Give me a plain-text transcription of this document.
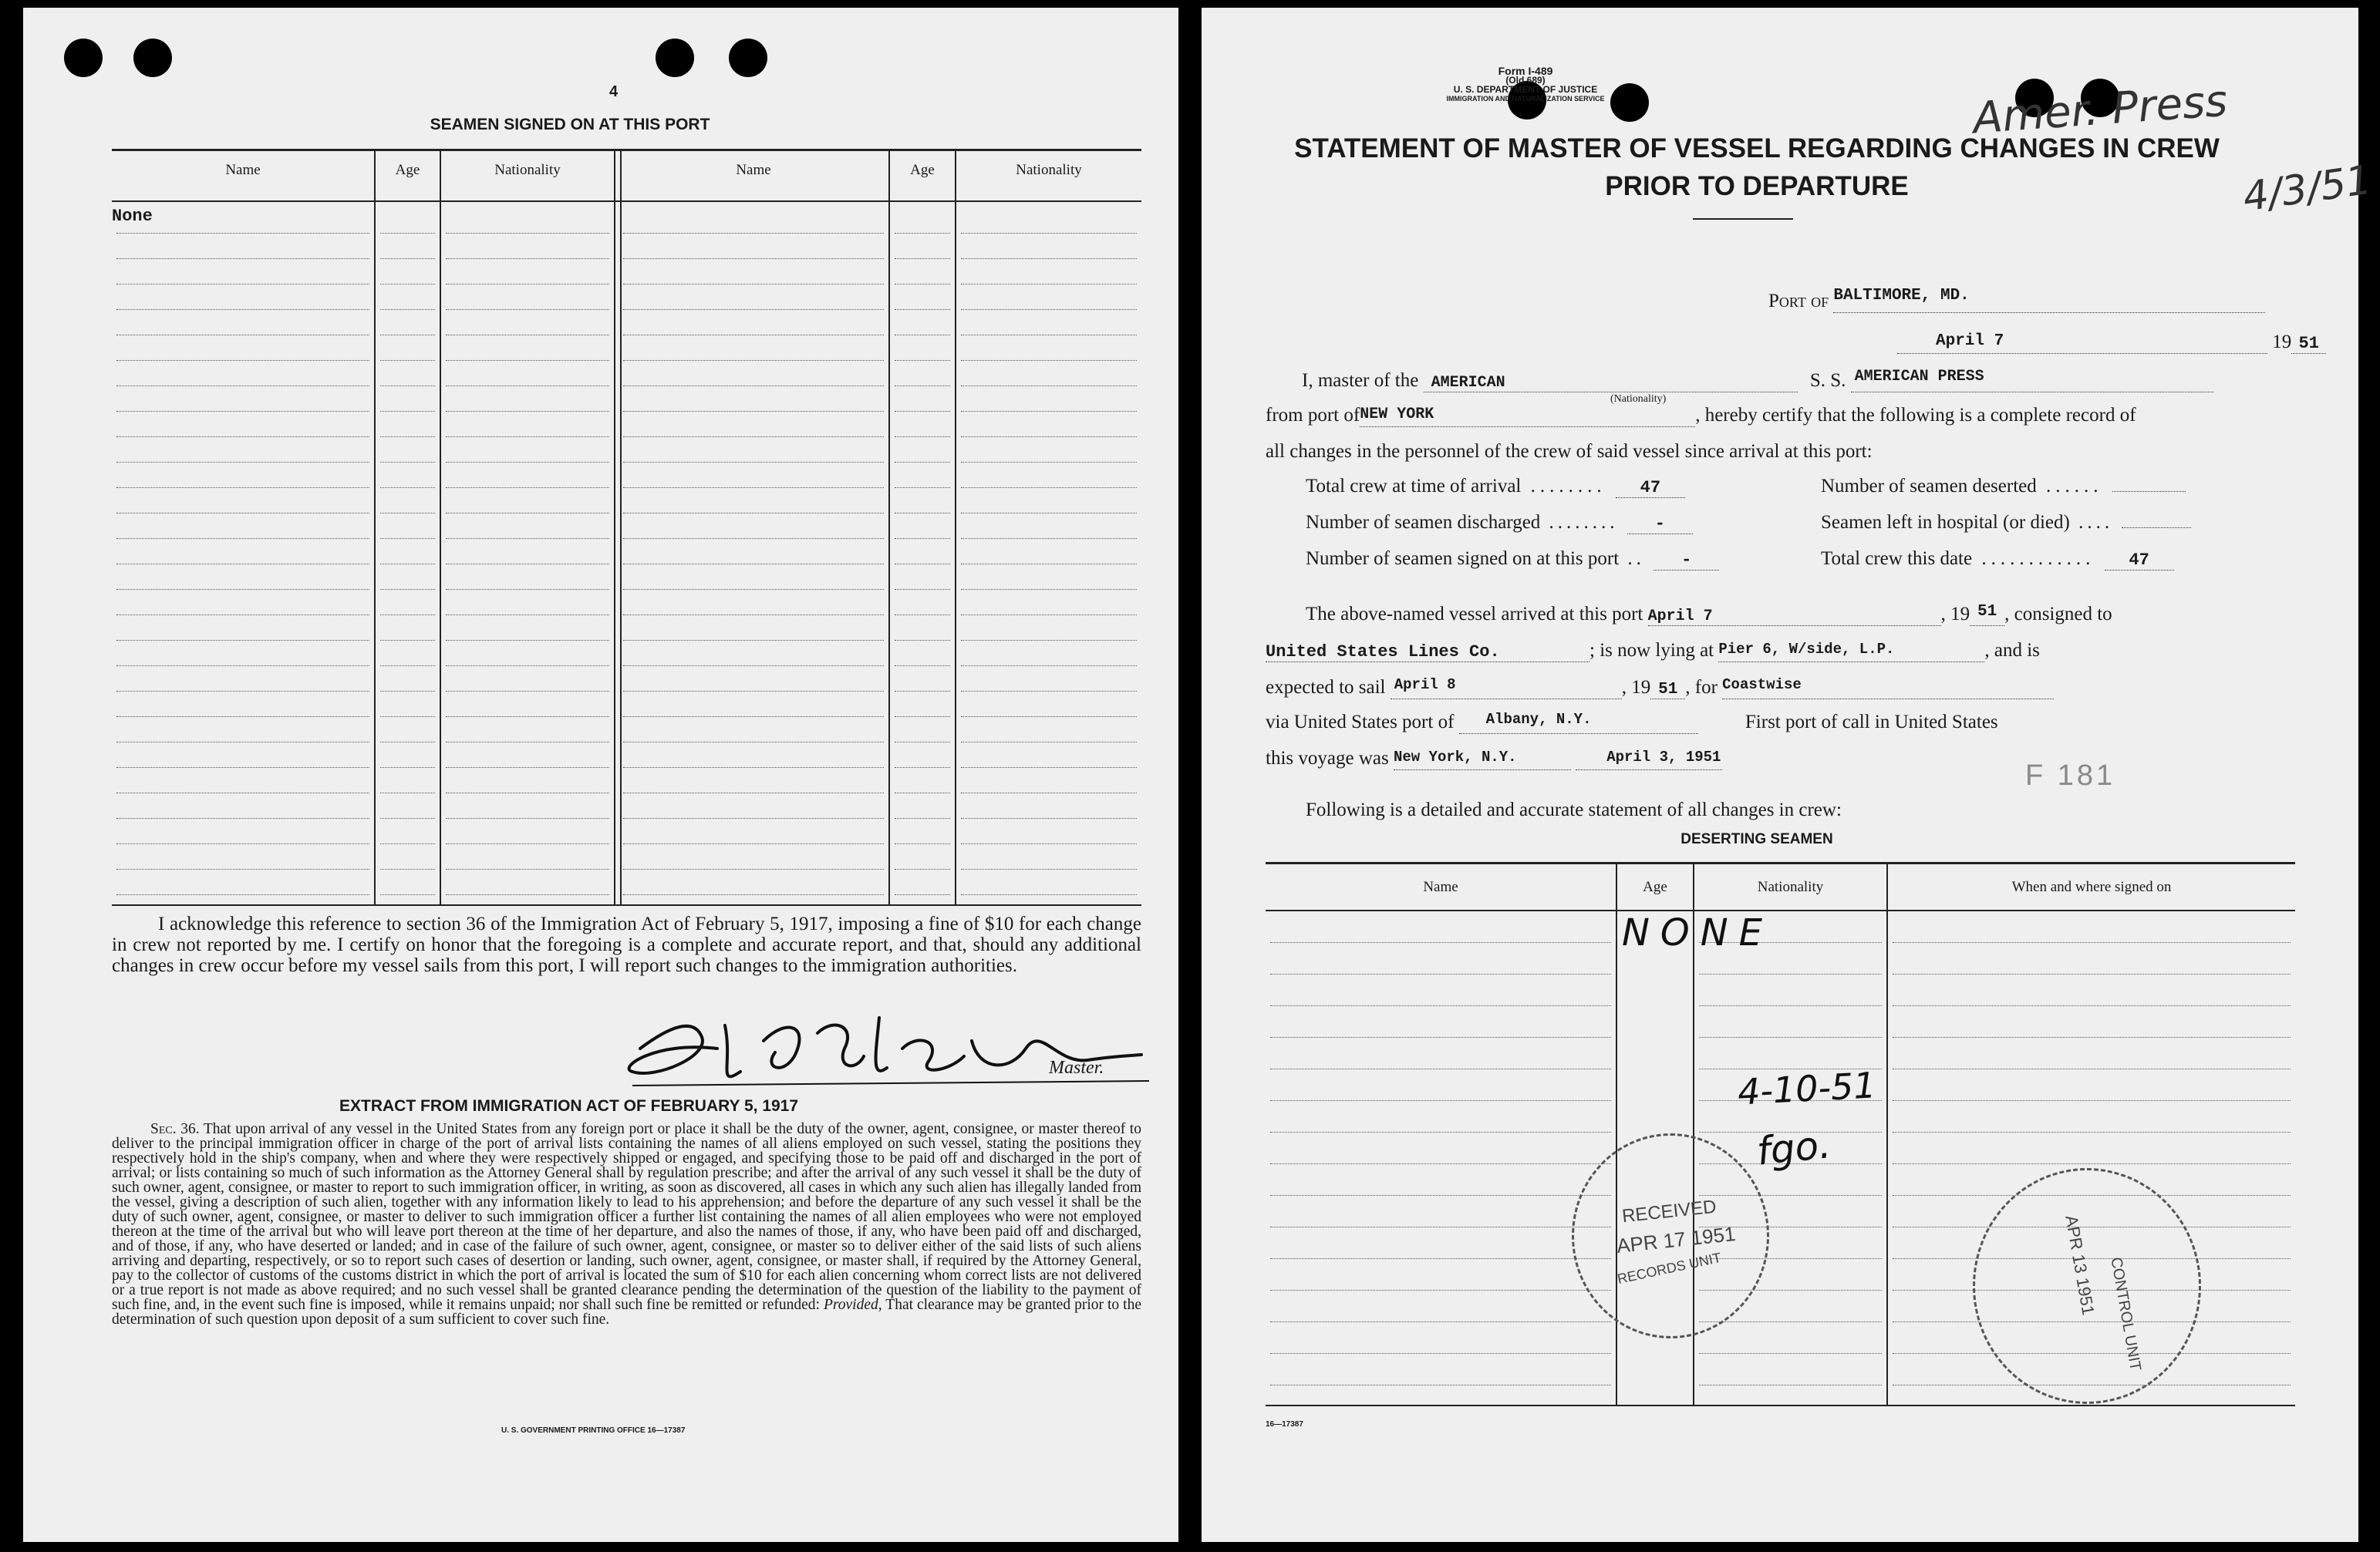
4
SEAMEN SIGNED ON AT THIS PORT
Name	Age	Nationality	Name	Age	Nationality
None
I acknowledge this reference to section 36 of the Immigration Act of February 5, 1917, imposing a fine of $10 for each change in crew not reported by me. I certify on honor that the foregoing is a complete and accurate report, and that, should any additional changes in crew occur before my vessel sails from this port, I will report such changes to the immigration authorities.
Master.
EXTRACT FROM IMMIGRATION ACT OF FEBRUARY 5, 1917
Sec. 36. That upon arrival of any vessel in the United States from any foreign port or place it shall be the duty of the owner, agent, consignee, or master thereof to deliver to the principal immigration officer in charge of the port of arrival lists containing the names of all aliens employed on such vessel, stating the positions they respectively hold in the ship's company, when and where they were respectively shipped or engaged, and specifying those to be paid off and discharged in the port of arrival; or lists containing so much of such information as the Attorney General shall by regulation prescribe; and after the arrival of any such vessel it shall be the duty of such owner, agent, consignee, or master to report to such immigration officer, in writing, as soon as discovered, all cases in which any such alien has illegally landed from the vessel, giving a description of such alien, together with any information likely to lead to his apprehension; and before the departure of any such vessel it shall be the duty of such owner, agent, consignee, or master to deliver to such immigration officer a further list containing the names of all alien employees who were not employed thereon at the time of the arrival but who will leave port thereon at the time of her departure, and also the names of those, if any, who have been paid off and discharged, and of those, if any, who have deserted or landed; and in case of the failure of such owner, agent, consignee, or master so to deliver either of the said lists of such aliens arriving and departing, respectively, or so to report such cases of desertion or landing, such owner, agent, consignee, or master shall, if required by the Attorney General, pay to the collector of customs of the customs district in which the port of arrival is located the sum of $10 for each alien concerning whom correct lists are not delivered or a true report is not made as above required; and no such vessel shall be granted clearance pending the determination of the question of the liability to the payment of such fine, and, in the event such fine is imposed, while it remains unpaid; nor shall such fine be remitted or refunded: Provided, That clearance may be granted prior to the determination of such question upon deposit of a sum sufficient to cover such fine.
U. S. GOVERNMENT PRINTING OFFICE 16—17387
Form I-489
(Old 689)
U. S. DEPARTMENT OF JUSTICE
IMMIGRATION AND NATURALIZATION SERVICE	Amer. Press
4/3/51
STATEMENT OF MASTER OF VESSEL REGARDING CHANGES IN CREW
PRIOR TO DEPARTURE
Port of $^{BALTIMORE, MD.}$
April 7	19 51
I, master of the AMERICAN	S. S. $^{AMERICAN PRESS}$
(Nationality)
from port ofNEW YORK	, hereby certify that the following is a complete record of
all changes in the personnel of the crew of said vessel since arrival at this port:
Total crew at time of arrival ........ 47
Number of seamen discharged ........ -
Number of seamen signed on at this port .. -
Number of seamen deserted ......
Seamen left in hospital (or died) ....
Total crew this date ............ 47
The above-named vessel arrived at this port April 7	, 19 $^{51}$ , consigned to
United States Lines Co.	; is now lying at Pier 6, W/side, L.P.	, and is
expected to sail $^{April 8}$	, 19 51 , for $^{Coastwise}$
via United States port of $^{Albany, N.Y.}$	First port of call in United States
this voyage was New York, N.Y.	April 3, 1951
F 181
Following is a detailed and accurate statement of all changes in crew:
DESERTING SEAMEN
Name	Age	Nationality	When and where signed on
NONE
4-10-51
fgo.
RECEIVED
APR 17 1951
RECORDS UNIT	APR 13 1951 CONTROL UNIT
16—17387
